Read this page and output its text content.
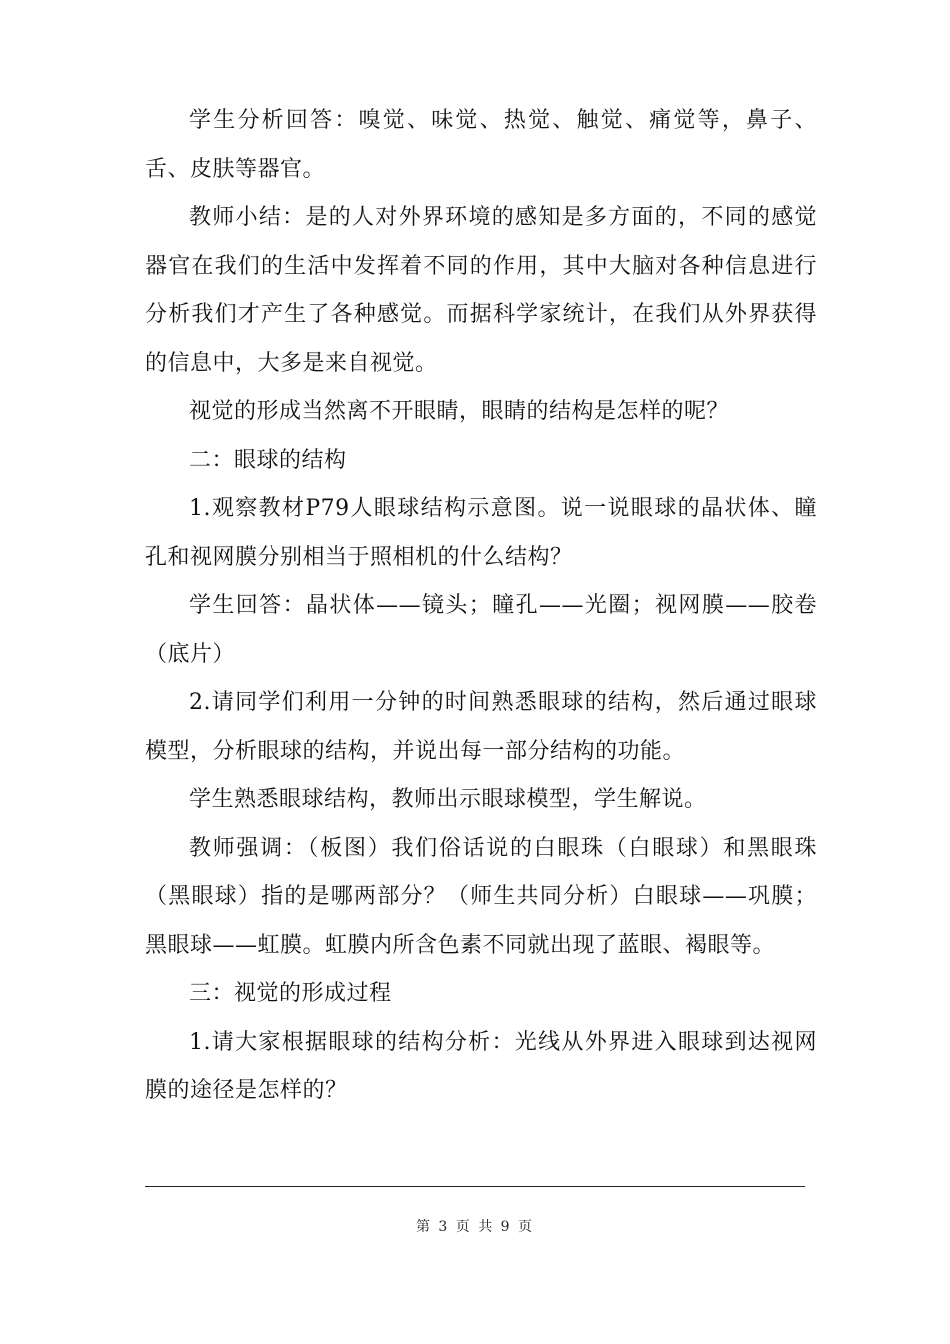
学生分析回答：嗅觉、味觉、热觉、触觉、痛觉等，鼻子、舌、皮肤等器官。

教师小结：是的人对外界环境的感知是多方面的，不同的感觉器官在我们的生活中发挥着不同的作用，其中大脑对各种信息进行分析我们才产生了各种感觉。而据科学家统计，在我们从外界获得的信息中，大多是来自视觉。

视觉的形成当然离不开眼睛，眼睛的结构是怎样的呢？

二：眼球的结构

1.观察教材P79人眼球结构示意图。说一说眼球的晶状体、瞳孔和视网膜分别相当于照相机的什么结构？

学生回答：晶状体——镜头；瞳孔——光圈；视网膜——胶卷（底片）

2.请同学们利用一分钟的时间熟悉眼球的结构，然后通过眼球模型，分析眼球的结构，并说出每一部分结构的功能。

学生熟悉眼球结构，教师出示眼球模型，学生解说。

教师强调：（板图）我们俗话说的白眼珠（白眼球）和黑眼珠（黑眼球）指的是哪两部分？（师生共同分析）白眼球——巩膜；黑眼球——虹膜。虹膜内所含色素不同就出现了蓝眼、褐眼等。

三：视觉的形成过程

1.请大家根据眼球的结构分析：光线从外界进入眼球到达视网膜的途径是怎样的？

第 3 页 共 9 页
